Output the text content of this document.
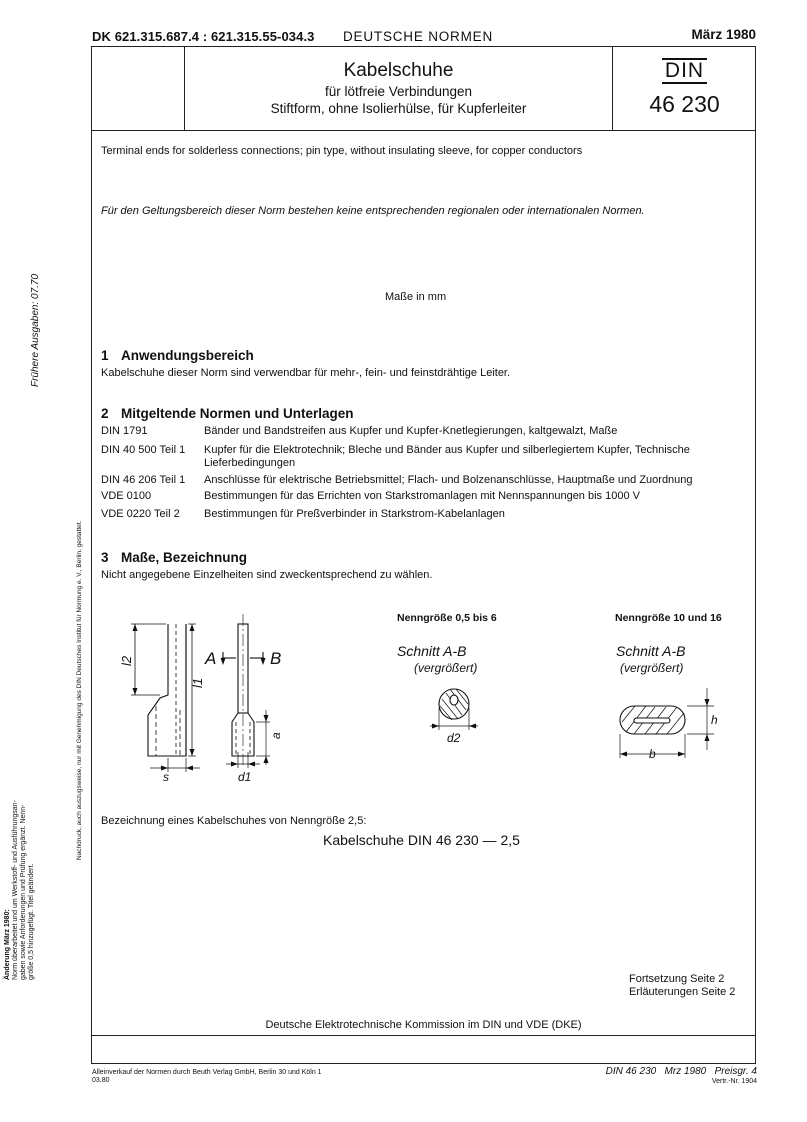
DK 621.315.687.4 : 621.315.55-034.3 DEUTSCHE NORMEN	März 1980
Kabelschuhe
für lötfreie Verbindungen
Stiftform, ohne Isolierhülse, für Kupferleiter
DIN
46 230
Terminal ends for solderless connections; pin type, without insulating sleeve, for copper conductors
Für den Geltungsbereich dieser Norm bestehen keine entsprechenden regionalen oder internationalen Normen.
Maße in mm
1 Anwendungsbereich
Kabelschuhe dieser Norm sind verwendbar für mehr-, fein- und feinstdrähtige Leiter.
2 Mitgeltende Normen und Unterlagen
DIN 1791	Bänder und Bandstreifen aus Kupfer und Kupfer-Knetlegierungen, kaltgewalzt, Maße
DIN 40 500 Teil 1 Kupfer für die Elektrotechnik; Bleche und Bänder aus Kupfer und silberlegiertem Kupfer, Technische Lieferbedingungen
DIN 46 206 Teil 1 Anschlüsse für elektrische Betriebsmittel; Flach- und Bolzenanschlüsse, Hauptmaße und Zuordnung
VDE 0100	Bestimmungen für das Errichten von Starkstromanlagen mit Nennspannungen bis 1000 V
VDE 0220 Teil 2 Bestimmungen für Preßverbinder in Starkstrom-Kabelanlagen
3 Maße, Bezeichnung
Nicht angegebene Einzelheiten sind zweckentsprechend zu wählen.
l2
l1
s
A	B
a
d1
Nenngröße 0,5 bis 6
Schnitt A-B
(vergrößert)
d2
Nenngröße 10 und 16
Schnitt A-B
(vergrößert)
h
b
Bezeichnung eines Kabelschuhes von Nenngröße 2,5:
Kabelschuhe DIN 46 230 — 2,5
Fortsetzung Seite 2
Erläuterungen Seite 2
Deutsche Elektrotechnische Kommission im DIN und VDE (DKE)
Alleinverkauf der Normen durch Beuth Verlag GmbH, Berlin 30 und Köln 1
03.80
DIN 46 230   Mrz 1980   Preisgr. 4
Vertr.-Nr. 1904
Frühere Ausgaben: 07.70
Nachdruck, auch auszugsweise, nur mit Genehmigung des DIN Deutsches Institut für Normung e. V., Berlin, gestattet.
Änderung März 1980: Norm überarbeitet und um Werkstoff- und Ausführungsan- gaben sowie Anforderungen und Prüfung ergänzt. Nenn- größe 0,5 hinzugefügt. Titel geändert.
